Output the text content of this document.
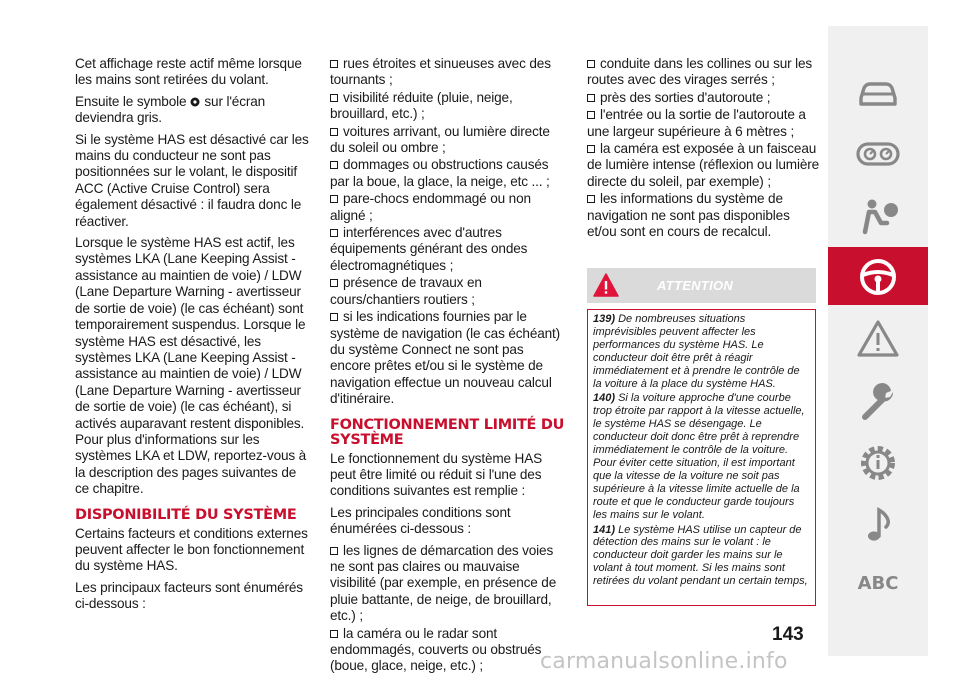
Cet affichage reste actif même lorsque les mains sont retirées du volant.

Ensuite le symbole sur l'écran deviendra gris.

Si le système HAS est désactivé car les mains du conducteur ne sont pas positionnées sur le volant, le dispositif ACC (Active Cruise Control) sera également désactivé : il faudra donc le réactiver.

Lorsque le système HAS est actif, les systèmes LKA (Lane Keeping Assist - assistance au maintien de voie) / LDW (Lane Departure Warning - avertisseur de sortie de voie) (le cas échéant) sont temporairement suspendus. Lorsque le système HAS est désactivé, les systèmes LKA (Lane Keeping Assist - assistance au maintien de voie) / LDW (Lane Departure Warning - avertisseur de sortie de voie) (le cas échéant), si activés auparavant restent disponibles. Pour plus d'informations sur les systèmes LKA et LDW, reportez-vous à la description des pages suivantes de ce chapitre.

DISPONIBILITÉ DU SYSTÈME

Certains facteurs et conditions externes peuvent affecter le bon fonctionnement du système HAS.

Les principaux facteurs sont énumérés ci-dessous :

rues étroites et sinueuses avec des tournants ;
visibilité réduite (pluie, neige, brouillard, etc.) ;
voitures arrivant, ou lumière directe du soleil ou ombre ;
dommages ou obstructions causés par la boue, la glace, la neige, etc ... ;
pare-chocs endommagé ou non aligné ;
interférences avec d'autres équipements générant des ondes électromagnétiques ;
présence de travaux en cours/chantiers routiers ;
si les indications fournies par le système de navigation (le cas échéant) du système Connect ne sont pas encore prêtes et/ou si le système de navigation effectue un nouveau calcul d'itinéraire.
FONCTIONNEMENT LIMITÉ DU SYSTÈME

Le fonctionnement du système HAS peut être limité ou réduit si l'une des conditions suivantes est remplie :

Les principales conditions sont énumérées ci-dessous :

les lignes de démarcation des voies ne sont pas claires ou mauvaise visibilité (par exemple, en présence de pluie battante, de neige, de brouillard, etc.) ;
la caméra ou le radar sont endommagés, couverts ou obstrués (boue, glace, neige, etc.) ;
conduite dans les collines ou sur les routes avec des virages serrés ;
près des sorties d'autoroute ;
l'entrée ou la sortie de l'autoroute a une largeur supérieure à 6 mètres ;
la caméra est exposée à un faisceau de lumière intense (réflexion ou lumière directe du soleil, par exemple) ;
les informations du système de navigation ne sont pas disponibles et/ou sont en cours de recalcul.
ATTENTION

139) De nombreuses situations imprévisibles peuvent affecter les performances du système HAS. Le conducteur doit être prêt à réagir immédiatement et à prendre le contrôle de la voiture à la place du système HAS.

140) Si la voiture approche d'une courbe trop étroite par rapport à la vitesse actuelle, le système HAS se désengage. Le conducteur doit donc être prêt à reprendre immédiatement le contrôle de la voiture. Pour éviter cette situation, il est important que la vitesse de la voiture ne soit pas supérieure à la vitesse limite actuelle de la route et que le conducteur garde toujours les mains sur le volant.

141) Le système HAS utilise un capteur de détection des mains sur le volant : le conducteur doit garder les mains sur le volant à tout moment. Si les mains sont retirées du volant pendant un certain temps,

143
ABC
carmanualsonline.info
